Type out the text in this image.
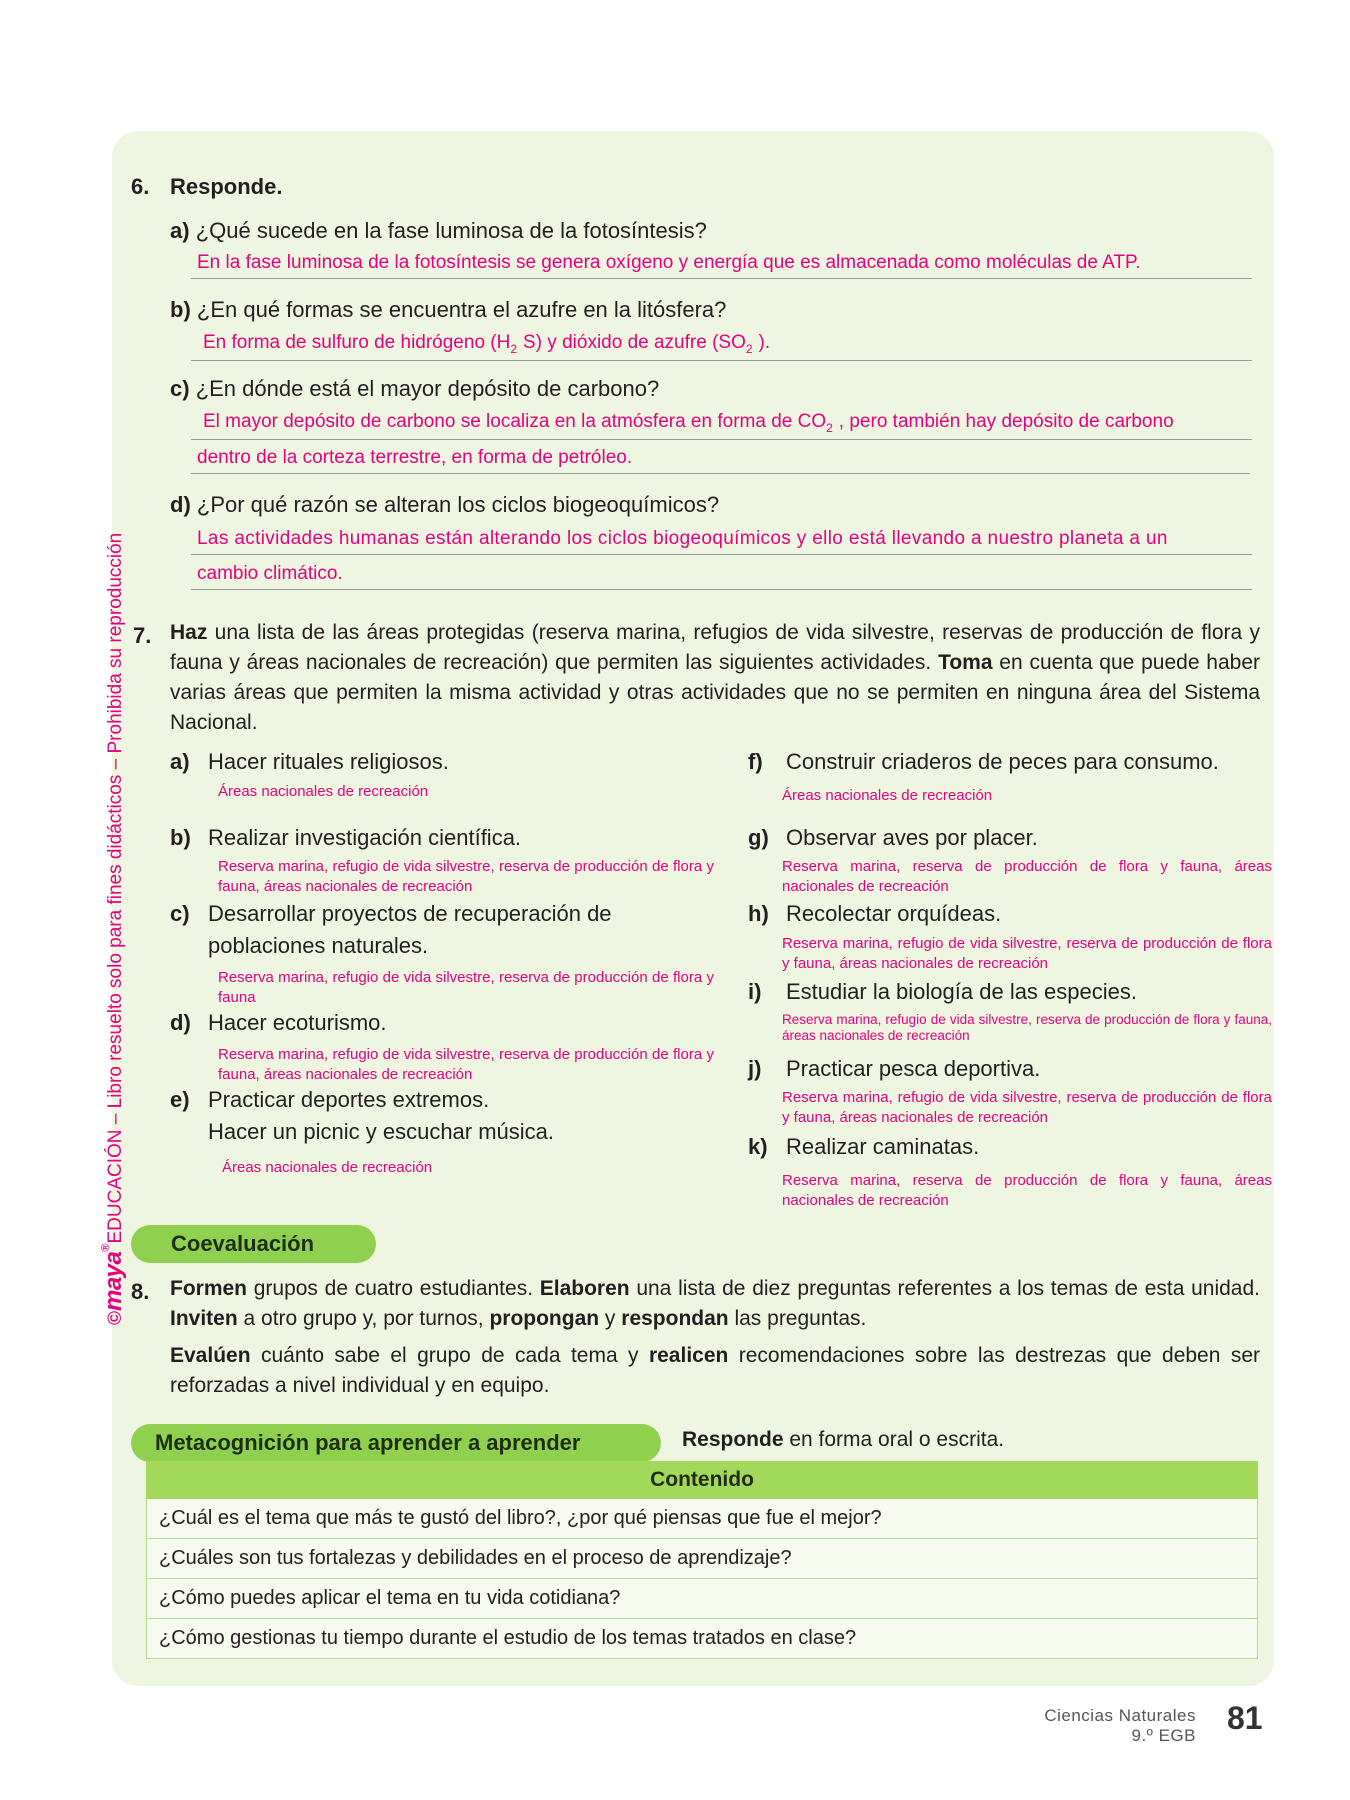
©maya®EDUCACIÓN – Libro resuelto solo para fines didácticos – Prohibida su reproducción
6. Responde.
a) ¿Qué sucede en la fase luminosa de la fotosíntesis?
En la fase luminosa de la fotosíntesis se genera oxígeno y energía que es almacenada como moléculas de ATP.
b) ¿En qué formas se encuentra el azufre en la litósfera?
En forma de sulfuro de hidrógeno ($H_2$ S) y dióxido de azufre ($SO_2$ ).
c) ¿En dónde está el mayor depósito de carbono?
El mayor depósito de carbono se localiza en la atmósfera en forma de $CO_2$ , pero también hay depósito de carbono
dentro de la corteza terrestre, en forma de petróleo.
d) ¿Por qué razón se alteran los ciclos biogeoquímicos?
Las actividades humanas están alterando los ciclos biogeoquímicos y ello está llevando a nuestro planeta a un
cambio climático.
7. Haz una lista de las áreas protegidas (reserva marina, refugios de vida silvestre, reservas de producción de flora y fauna y áreas nacionales de recreación) que permiten las siguientes actividades. Toma en cuenta que puede haber varias áreas que permiten la misma actividad y otras actividades que no se permiten en ninguna área del Sistema Nacional.
a) Hacer rituales religiosos.
Áreas nacionales de recreación
b) Realizar investigación científica.
Reserva marina, refugio de vida silvestre, reserva de producción de flora y fauna, áreas nacionales de recreación
c) Desarrollar proyectos de recuperación de
poblaciones naturales.
Reserva marina, refugio de vida silvestre, reserva de producción de flora y fauna
d) Hacer ecoturismo.
Reserva marina, refugio de vida silvestre, reserva de producción de flora y fauna, áreas nacionales de recreación
e) Practicar deportes extremos.
Hacer un picnic y escuchar música.
Áreas nacionales de recreación
f) Construir criaderos de peces para consumo.
Áreas nacionales de recreación
g) Observar aves por placer.
Reserva marina, reserva de producción de flora y fauna, áreas nacionales de recreación
h) Recolectar orquídeas.
Reserva marina, refugio de vida silvestre, reserva de producción de flora y fauna, áreas nacionales de recreación
i) Estudiar la biología de las especies.
Reserva marina, refugio de vida silvestre, reserva de producción de flora y fauna, áreas nacionales de recreación
j) Practicar pesca deportiva.
Reserva marina, refugio de vida silvestre, reserva de producción de flora y fauna, áreas nacionales de recreación
k) Realizar caminatas.
Reserva marina, reserva de producción de flora y fauna, áreas nacionales de recreación
Coevaluación
8. Formen grupos de cuatro estudiantes. Elaboren una lista de diez preguntas referentes a los temas de esta unidad. Inviten a otro grupo y, por turnos, propongan y respondan las preguntas.
Evalúen cuánto sabe el grupo de cada tema y realicen recomendaciones sobre las destrezas que deben ser reforzadas a nivel individual y en equipo.
Metacognición para aprender a aprender	Responde en forma oral o escrita.
Contenido
¿Cuál es el tema que más te gustó del libro?, ¿por qué piensas que fue el mejor?
¿Cuáles son tus fortalezas y debilidades en el proceso de aprendizaje?
¿Cómo puedes aplicar el tema en tu vida cotidiana?
¿Cómo gestionas tu tiempo durante el estudio de los temas tratados en clase?
Ciencias Naturales
9.º EGB 81
